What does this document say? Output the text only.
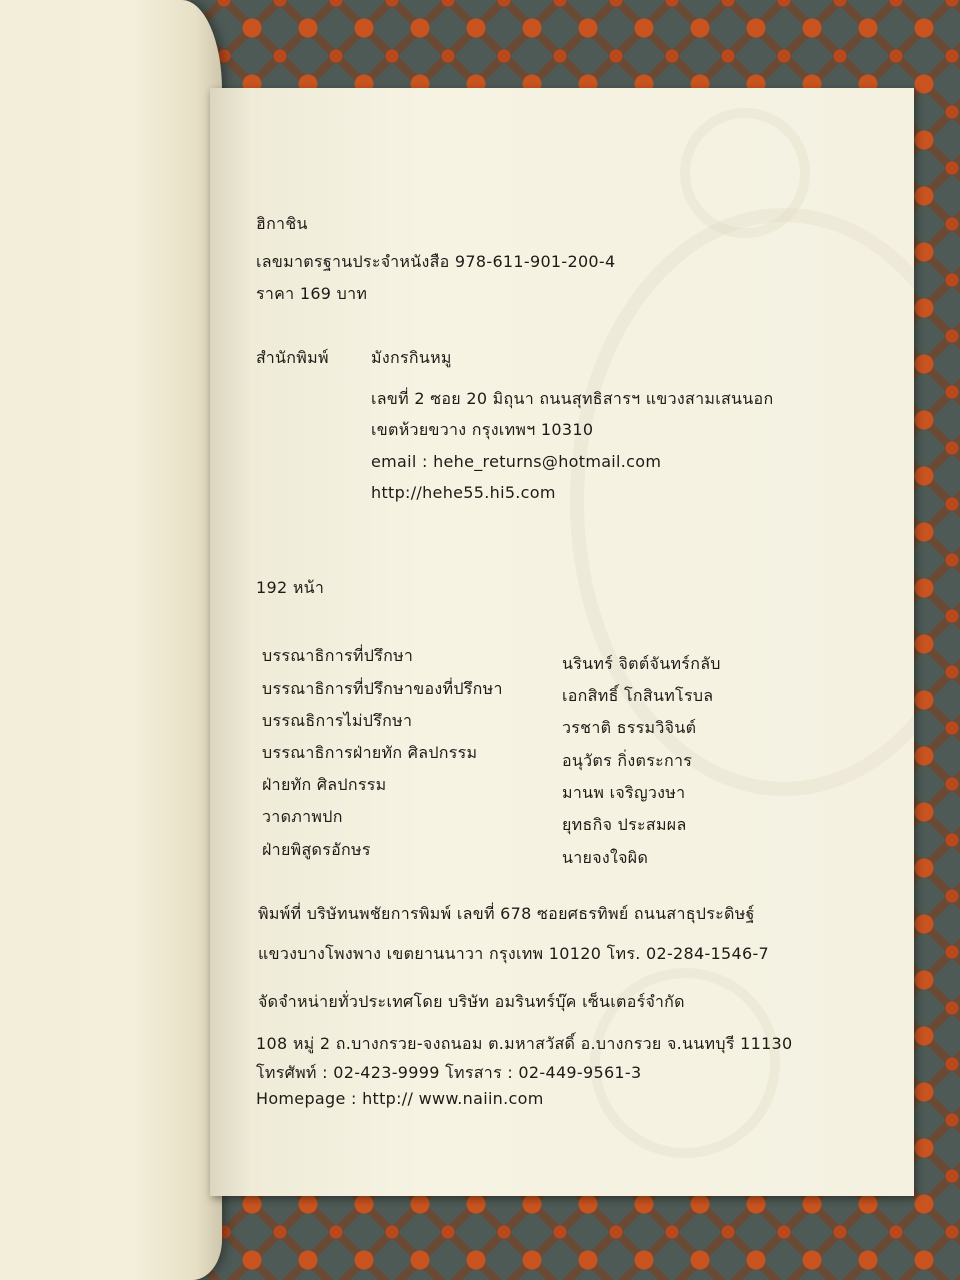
ฮิกาชิน
เลขมาตรฐานประจำหนังสือ 978-611-901-200-4
ราคา 169 บาท
สำนักพิมพ์	มังกรกินหมู
เลขที่ 2 ซอย 20 มิถุนา ถนนสุทธิสารฯ แขวงสามเสนนอก
เขตห้วยขวาง กรุงเทพฯ 10310
email : hehe_returns@hotmail.com
http://hehe55.hi5.com
192 หน้า
บรรณาธิการที่ปรึกษา	นรินทร์ จิตต์จันทร์กลับ
บรรณาธิการที่ปรึกษาของที่ปรึกษา	เอกสิทธิ์ โกสินทโรบล
บรรณธิการไม่ปรึกษา	วรชาติ ธรรมวิจินต์
บรรณาธิการฝ่ายทัก ศิลปกรรม	อนุวัตร กิ่งตระการ
ฝ่ายทัก ศิลปกรรม	มานพ เจริญวงษา
วาดภาพปก	ยุทธกิจ ประสมผล
ฝ่ายพิสูดรอักษร	นายจงใจผิด
พิมพ์ที่ บริษัทนพชัยการพิมพ์ เลขที่ 678 ซอยศธรทิพย์ ถนนสาธุประดิษฐ์
แขวงบางโพงพาง เขตยานนาวา กรุงเทพ 10120 โทร. 02-284-1546-7
จัดจำหน่ายทั่วประเทศโดย บริษัท อมรินทร์บุ๊ค เซ็นเตอร์จำกัด
108 หมู่ 2 ถ.บางกรวย-จงถนอม ต.มหาสวัสดิ์ อ.บางกรวย จ.นนทบุรี 11130
โทรศัพท์ : 02-423-9999 โทรสาร : 02-449-9561-3
Homepage : http:// www.naiin.com
